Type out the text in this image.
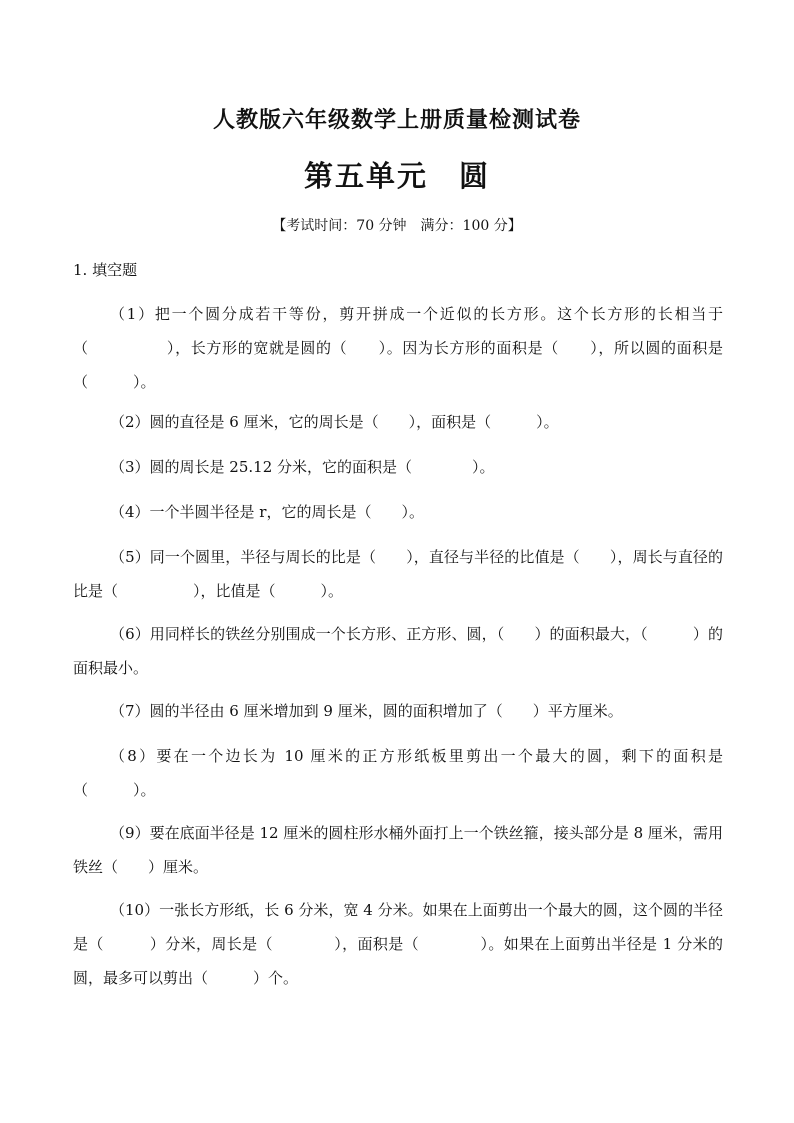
人教版六年级数学上册质量检测试卷
第五单元　圆
【考试时间：70 分钟　满分：100 分】
1. 填空题

（1）把一个圆分成若干等份，剪开拼成一个近似的长方形。这个长方形的长相当于（　　　　　），长方形的宽就是圆的（　　）。因为长方形的面积是（　　），所以圆的面积是（　　　）。

（2）圆的直径是 6 厘米，它的周长是（　　），面积是（　　　）。

（3）圆的周长是 25.12 分米，它的面积是（　　　　）。

（4）一个半圆半径是 r，它的周长是（　　）。

（5）同一个圆里，半径与周长的比是（　　），直径与半径的比值是（　　），周长与直径的比是（　　　　　），比值是（　　　）。

（6）用同样长的铁丝分别围成一个长方形、正方形、圆，（　　）的面积最大，（　　　）的面积最小。

（7）圆的半径由 6 厘米增加到 9 厘米，圆的面积增加了（　　）平方厘米。

（8）要在一个边长为 10 厘米的正方形纸板里剪出一个最大的圆，剩下的面积是（　　　）。

（9）要在底面半径是 12 厘米的圆柱形水桶外面打上一个铁丝箍，接头部分是 8 厘米，需用铁丝（　　）厘米。

（10）一张长方形纸，长 6 分米，宽 4 分米。如果在上面剪出一个最大的圆，这个圆的半径是（　　　）分米，周长是（　　　　），面积是（　　　　）。如果在上面剪出半径是 1 分米的圆，最多可以剪出（　　　）个。
